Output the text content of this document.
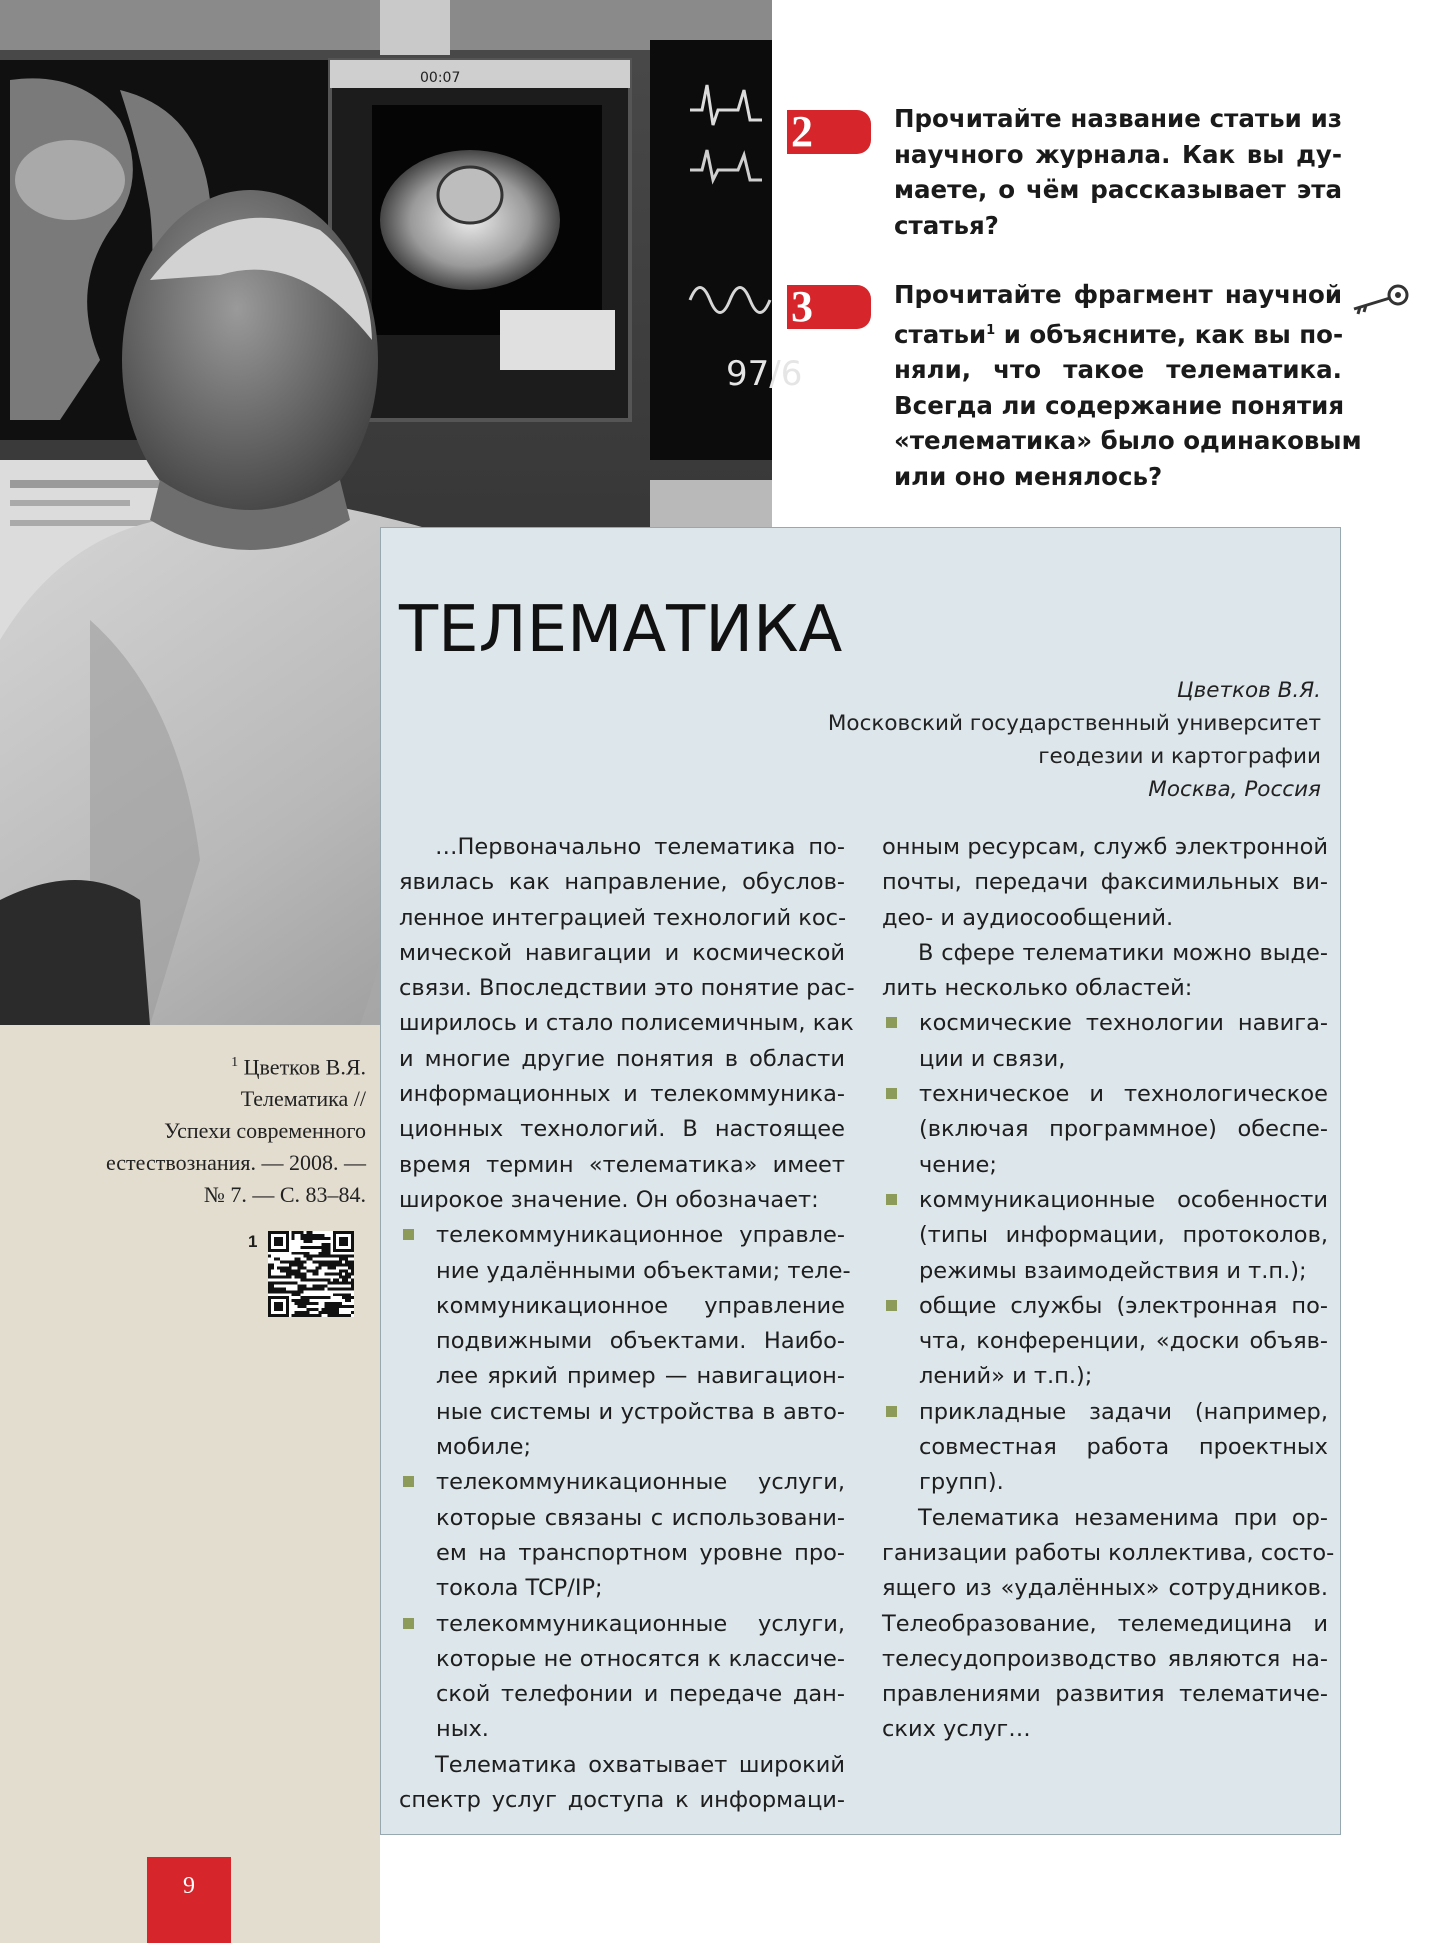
00:07
97/6
$^1$ Цветков В.Я.
Телематика //
Успехи современного
естествознания. — 2008. —
№ 7. — С. 83–84.
1
9
2	Прочитайте название статьи из
научного журнала. Как вы ду-
маете, о чём рассказывает эта
статья?
3	Прочитайте фрагмент научной
статьи$^1$ и объясните, как вы по-
няли, что такое телематика.
Всегда ли содержание понятия
«телематика» было одинаковым
или оно менялось?
ТЕЛЕМАТИКА
Цветков В.Я.
Московский государственный университет
геодезии и картографии
Москва, Россия
…Первоначально телематика по-
явилась как направление, обуслов-
ленное интеграцией технологий кос-
мической навигации и космической
связи. Впоследствии это понятие рас-
ширилось и стало полисемичным, как
и многие другие понятия в области
информационных и телекоммуника-
ционных технологий. В настоящее
время термин «телематика» имеет
широкое значение. Он обозначает:
телекоммуникационное управле-
ние удалёнными объектами; теле-
коммуникационное управление
подвижными объектами. Наибо-
лее яркий пример — навигацион-
ные системы и устройства в авто-
мобиле;
телекоммуникационные услуги,
которые связаны с использовани-
ем на транспортном уровне про-
токола TCP/IP;
телекоммуникационные услуги,
которые не относятся к классиче-
ской телефонии и передаче дан-
ных.
Телематика охватывает широкий
спектр услуг доступа к информаци-
онным ресурсам, служб электронной
почты, передачи факсимильных ви-
део- и аудиосообщений.
В сфере телематики можно выде-
лить несколько областей:
космические технологии навига-
ции и связи,
техническое и технологическое
(включая программное) обеспе-
чение;
коммуникационные особенности
(типы информации, протоколов,
режимы взаимодействия и т.п.);
общие службы (электронная по-
чта, конференции, «доски объяв-
лений» и т.п.);
прикладные задачи (например,
совместная работа проектных
групп).
Телематика незаменима при ор-
ганизации работы коллектива, состо-
ящего из «удалённых» сотрудников.
Телеобразование, телемедицина и
телесудопроизводство являются на-
правлениями развития телематиче-
ских услуг…
